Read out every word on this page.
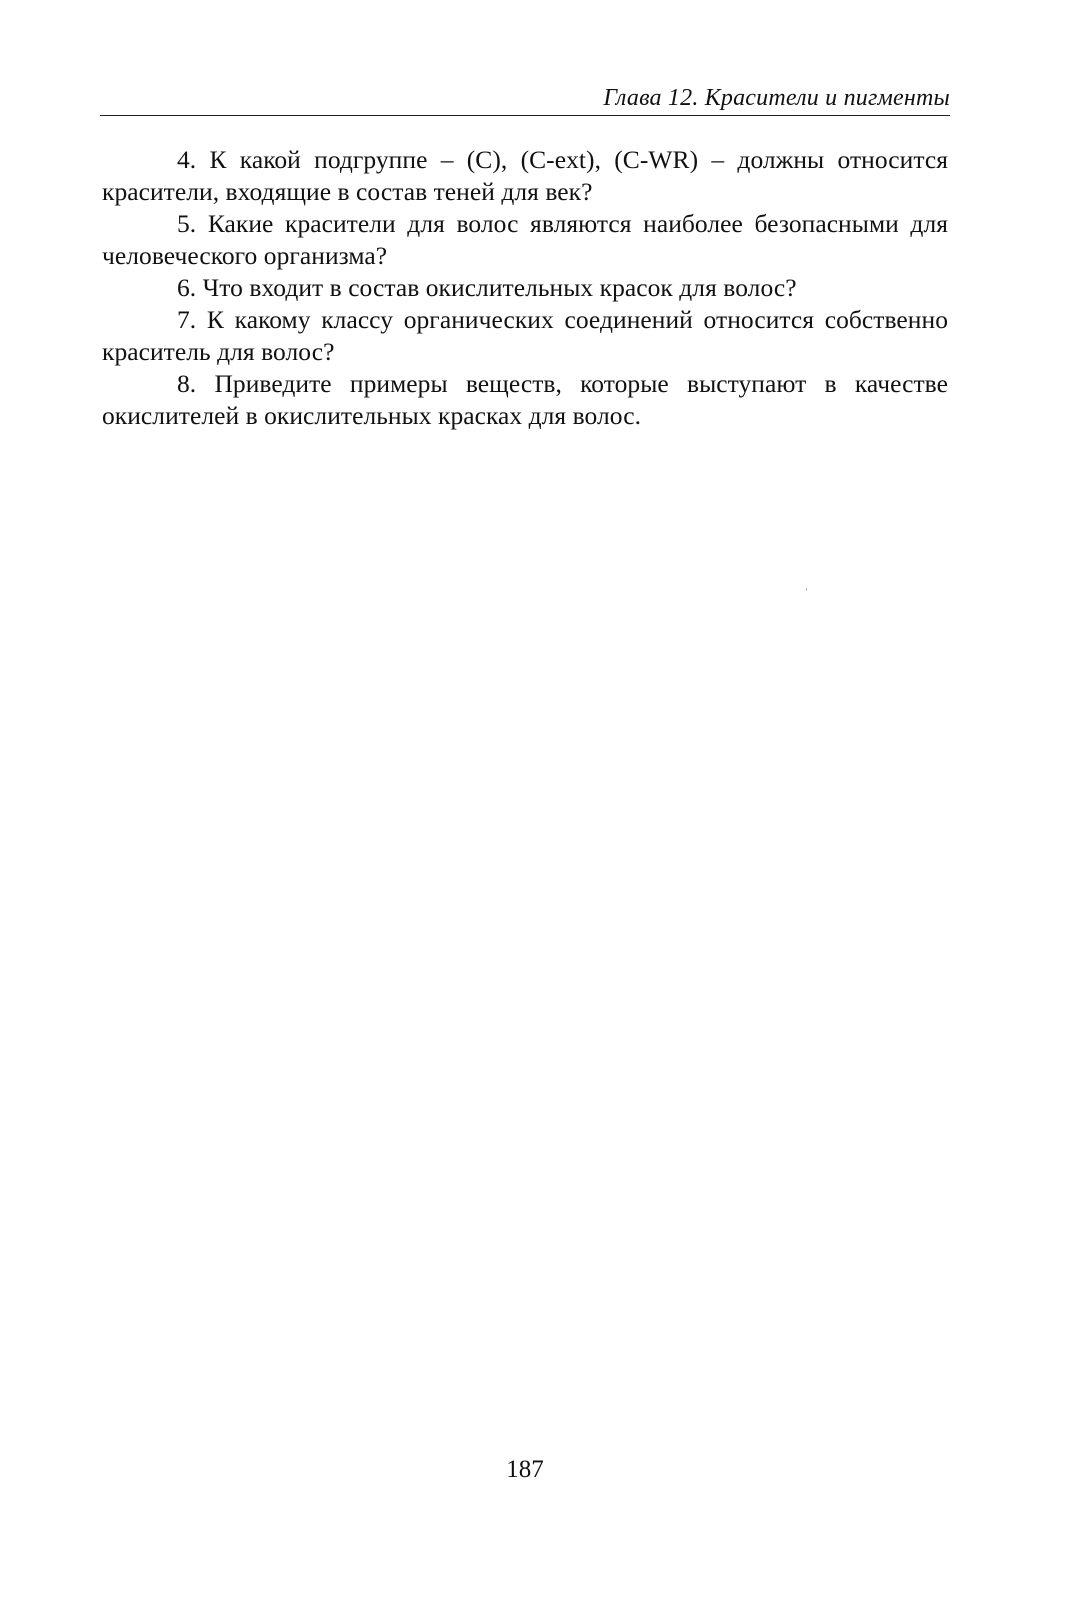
Глава 12. Красители и пигменты
4. К какой подгруппе – (С), (C-ext), (C-WR) – должны относится красители, входящие в состав теней для век?
5. Какие красители для волос являются наиболее безопасными для человеческого организма?
6. Что входит в состав окислительных красок для волос?
7. К какому классу органических соединений относится собственно краситель для волос?
8. Приведите примеры веществ, которые выступают в качестве окислителей в окислительных красках для волос.
ʿ
187
